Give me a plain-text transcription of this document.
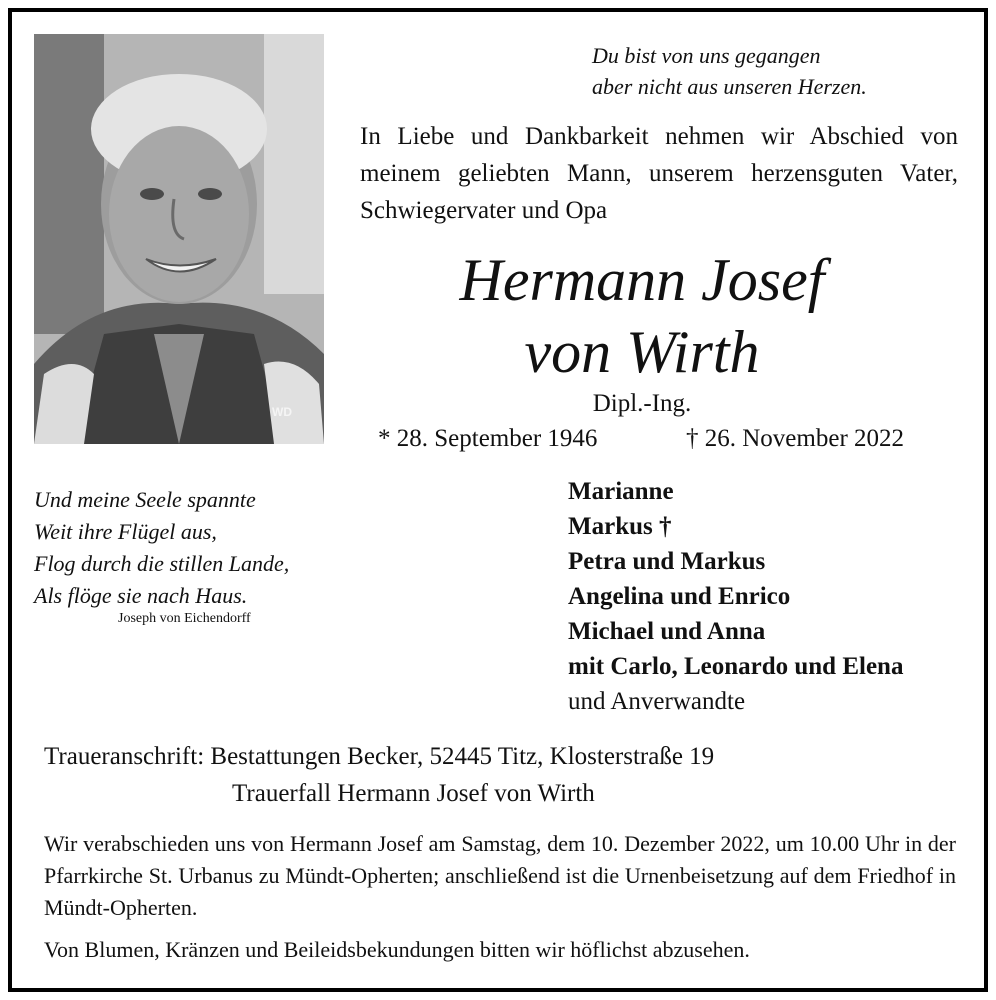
WD
Du bist von uns gegangen
aber nicht aus unseren Herzen.
In Liebe und Dankbarkeit nehmen wir Abschied von meinem geliebten Mann, unserem herzensguten Vater, Schwiegervater und Opa
Hermann Josef
von Wirth
Dipl.-Ing.
* 28. September 1946	† 26. November 2022
Und meine Seele spannte
Weit ihre Flügel aus,
Flog durch die stillen Lande,
Als flöge sie nach Haus.
Joseph von Eichendorff
Marianne
Markus †
Petra und Markus
Angelina und Enrico
Michael und Anna
mit Carlo, Leonardo und Elena
und Anverwandte
Traueranschrift: Bestattungen Becker, 52445 Titz, Klosterstraße 19
Trauerfall Hermann Josef von Wirth
Wir verabschieden uns von Hermann Josef am Samstag, dem 10. Dezember 2022, um 10.00 Uhr in der Pfarrkirche St. Urbanus zu Mündt-Opherten; anschließend ist die Urnenbeisetzung auf dem Friedhof in Mündt-Opherten.
Von Blumen, Kränzen und Beileidsbekundungen bitten wir höflichst abzusehen.
